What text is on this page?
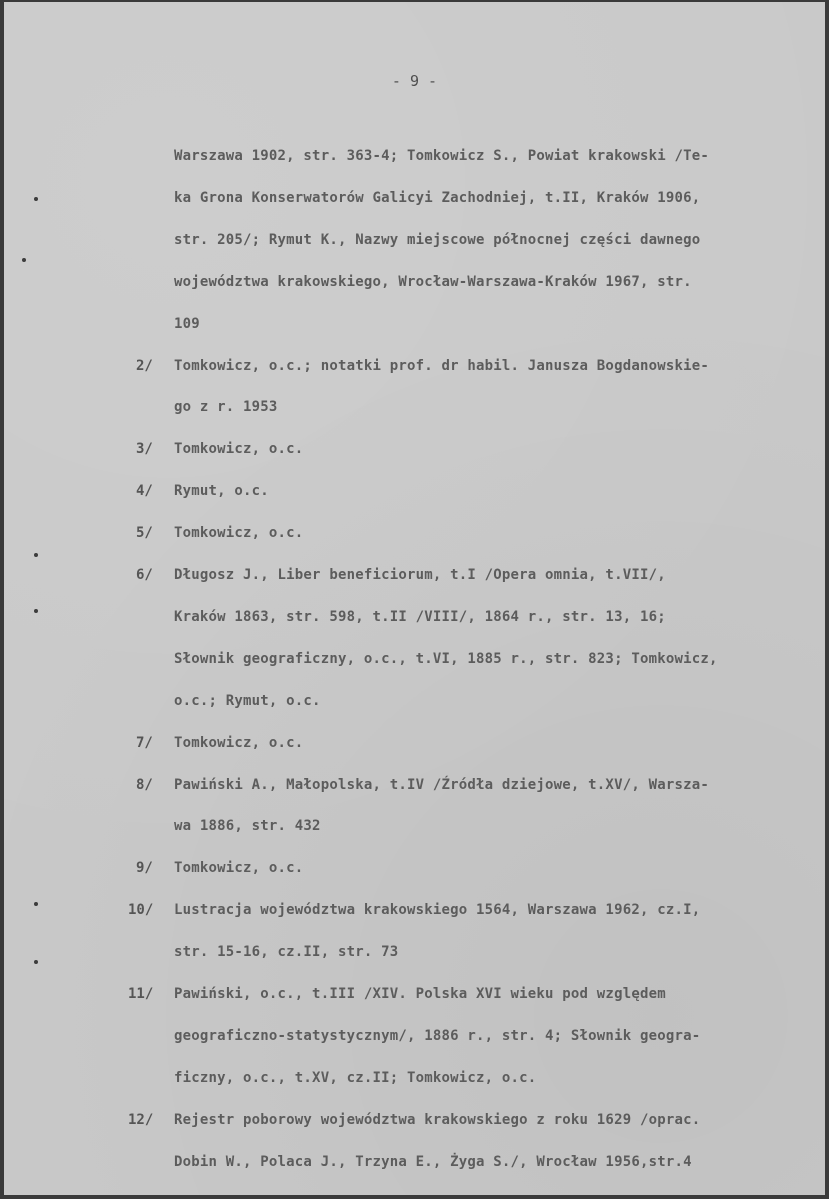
- 9 -
Warszawa 1902, str. 363-4; Tomkowicz S., Powiat krakowski /Te-
ka Grona Konserwatorów Galicyi Zachodniej, t.II, Kraków 1906,
str. 205/; Rymut K., Nazwy miejscowe północnej części dawnego
województwa krakowskiego, Wrocław-Warszawa-Kraków 1967, str.
109
Tomkowicz, o.c.; notatki prof. dr habil. Janusza Bogdanowskie-
go z r. 1953
Tomkowicz, o.c.
Rymut, o.c.
Tomkowicz, o.c.
Długosz J., Liber beneficiorum, t.I /Opera omnia, t.VII/,
Kraków 1863, str. 598, t.II /VIII/, 1864 r., str. 13, 16;
Słownik geograficzny, o.c., t.VI, 1885 r., str. 823; Tomkowicz,
o.c.; Rymut, o.c.
Tomkowicz, o.c.
Pawiński A., Małopolska, t.IV /Źródła dziejowe, t.XV/, Warsza-
wa 1886, str. 432
Tomkowicz, o.c.
Lustracja województwa krakowskiego 1564, Warszawa 1962, cz.I,
str. 15-16, cz.II, str. 73
Pawiński, o.c., t.III /XIV. Polska XVI wieku pod względem
geograficzno-statystycznym/, 1886 r., str. 4; Słownik geogra-
ficzny, o.c., t.XV, cz.II; Tomkowicz, o.c.
Rejestr poborowy województwa krakowskiego z roku 1629 /oprac.
Dobin W., Polaca J., Trzyna E., Żyga S./, Wrocław 1956,str.4
2/
3/
4/
5/
6/
7/
8/
9/
10/
11/
12/
